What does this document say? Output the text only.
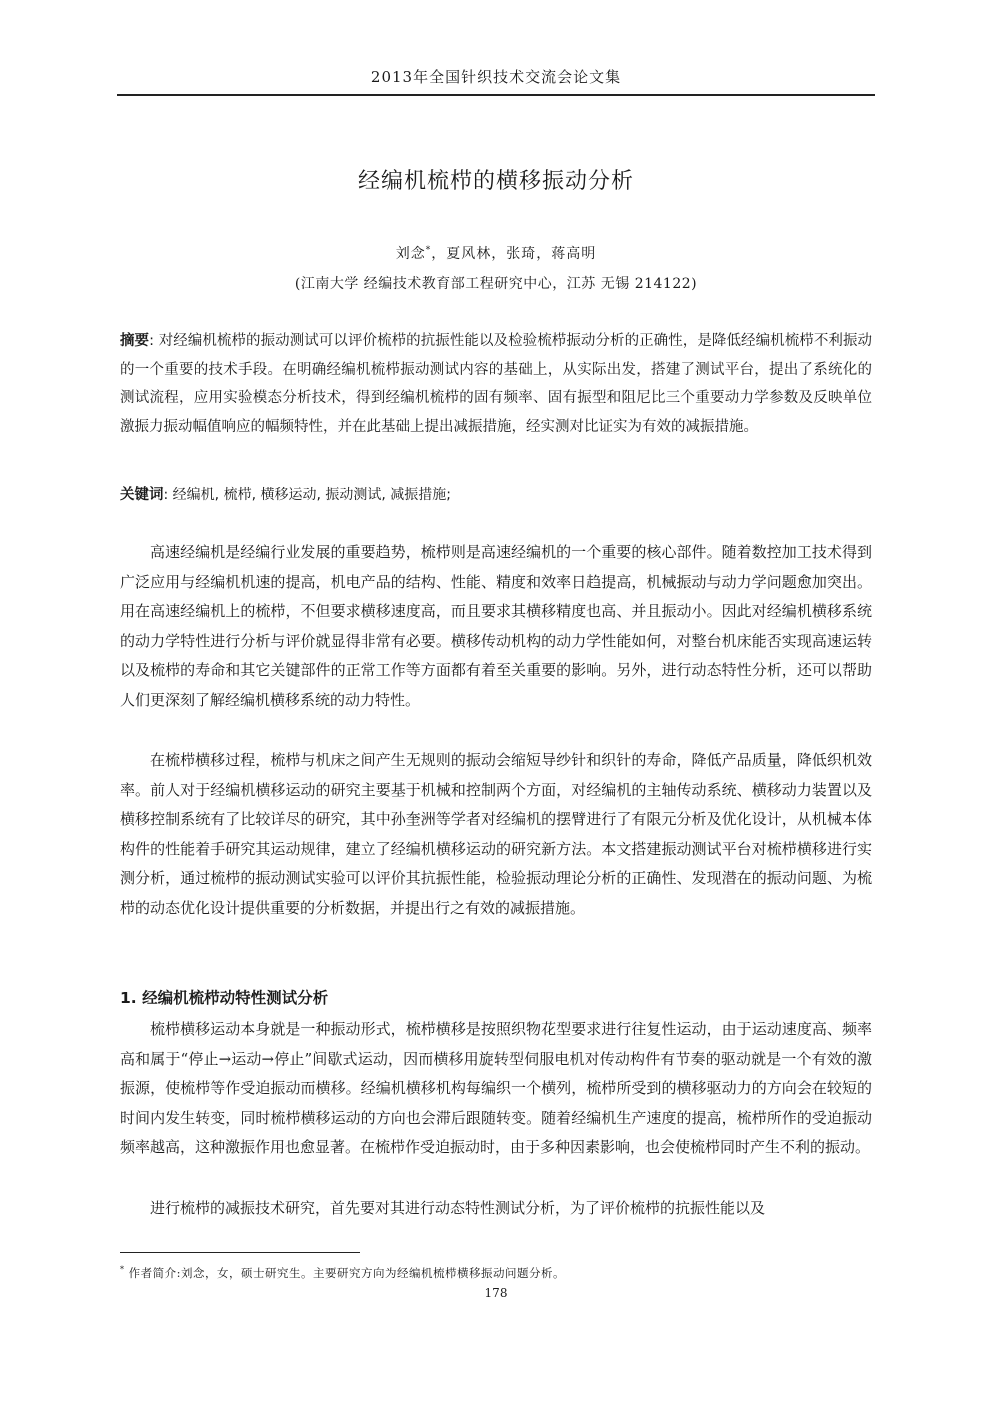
2013年全国针织技术交流会论文集
经编机梳栉的横移振动分析
刘念*，夏风林，张琦，蒋高明
(江南大学 经编技术教育部工程研究中心，江苏 无锡 214122)

摘要: 对经编机梳栉的振动测试可以评价梳栉的抗振性能以及检验梳栉振动分析的正确性，是降低经编机梳栉不利振动的一个重要的技术手段。在明确经编机梳栉振动测试内容的基础上，从实际出发，搭建了测试平台，提出了系统化的测试流程，应用实验模态分析技术，得到经编机梳栉的固有频率、固有振型和阻尼比三个重要动力学参数及反映单位激振力振动幅值响应的幅频特性，并在此基础上提出减振措施，经实测对比证实为有效的减振措施。

关键词: 经编机, 梳栉, 横移运动, 振动测试, 减振措施;

高速经编机是经编行业发展的重要趋势，梳栉则是高速经编机的一个重要的核心部件。随着数控加工技术得到广泛应用与经编机机速的提高，机电产品的结构、性能、精度和效率日趋提高，机械振动与动力学问题愈加突出。用在高速经编机上的梳栉，不但要求横移速度高，而且要求其横移精度也高、并且振动小。因此对经编机横移系统的动力学特性进行分析与评价就显得非常有必要。横移传动机构的动力学性能如何，对整台机床能否实现高速运转以及梳栉的寿命和其它关键部件的正常工作等方面都有着至关重要的影响。另外，进行动态特性分析，还可以帮助人们更深刻了解经编机横移系统的动力特性。

在梳栉横移过程，梳栉与机床之间产生无规则的振动会缩短导纱针和织针的寿命，降低产品质量，降低织机效率。前人对于经编机横移运动的研究主要基于机械和控制两个方面，对经编机的主轴传动系统、横移动力装置以及横移控制系统有了比较详尽的研究，其中孙奎洲等学者对经编机的摆臂进行了有限元分析及优化设计，从机械本体构件的性能着手研究其运动规律，建立了经编机横移运动的研究新方法。本文搭建振动测试平台对梳栉横移进行实测分析，通过梳栉的振动测试实验可以评价其抗振性能，检验振动理论分析的正确性、发现潜在的振动问题、为梳栉的动态优化设计提供重要的分析数据，并提出行之有效的减振措施。

1. 经编机梳栉动特性测试分析

梳栉横移运动本身就是一种振动形式，梳栉横移是按照织物花型要求进行往复性运动，由于运动速度高、频率高和属于“停止→运动→停止”间歇式运动，因而横移用旋转型伺服电机对传动构件有节奏的驱动就是一个有效的激振源，使梳栉等作受迫振动而横移。经编机横移机构每编织一个横列，梳栉所受到的横移驱动力的方向会在较短的时间内发生转变，同时梳栉横移运动的方向也会滞后跟随转变。随着经编机生产速度的提高，梳栉所作的受迫振动频率越高，这种激振作用也愈显著。在梳栉作受迫振动时，由于多种因素影响，也会使梳栉同时产生不利的振动。

进行梳栉的减振技术研究，首先要对其进行动态特性测试分析，为了评价梳栉的抗振性能以及

* 作者简介:刘念，女，硕士研究生。主要研究方向为经编机梳栉横移振动问题分析。
178
